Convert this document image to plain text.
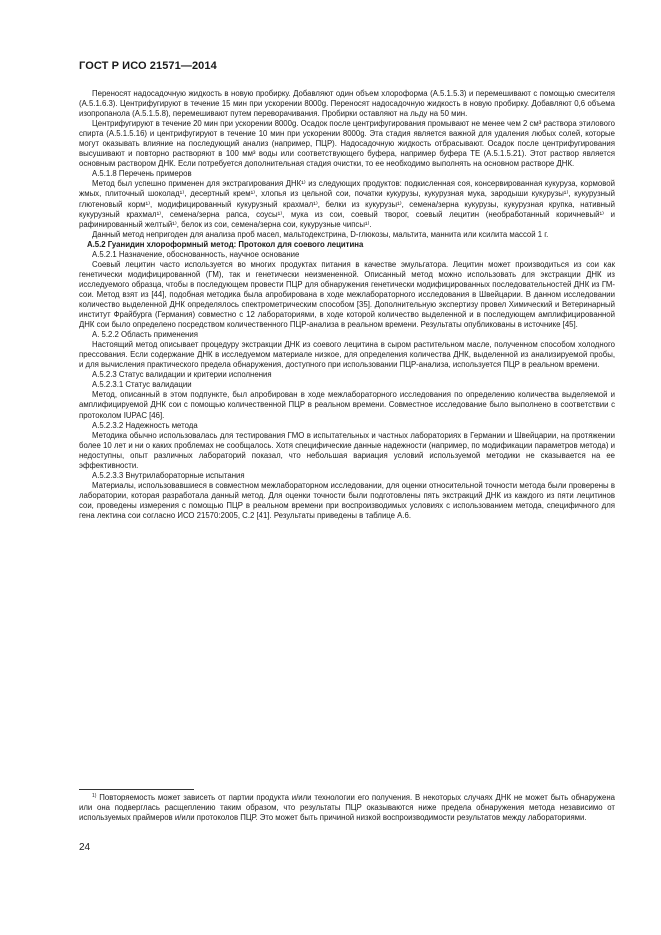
ГОСТ Р ИСО 21571—2014

Переносят надосадочную жидкость в новую пробирку. Добавляют один объем хлороформа (A.5.1.5.3) и перемешивают с помощью смесителя (A.5.1.6.3). Центрифугируют в течение 15 мин при ускорении 8000g. Переносят надосадочную жидкость в новую пробирку. Добавляют 0,6 объема изопропанола (A.5.1.5.8), перемешивают путем переворачивания. Пробирки оставляют на льду на 50 мин.

Центрифугируют в течение 20 мин при ускорении 8000g. Осадок после центрифугирования промывают не менее чем 2 см³ раствора этилового спирта (A.5.1.5.16) и центрифугируют в течение 10 мин при ускорении 8000g. Эта стадия является важной для удаления любых солей, которые могут оказывать влияние на последующий анализ (например, ПЦР). Надосадочную жидкость отбрасывают. Осадок после центрифугирования высушивают и повторно растворяют в 100 мм³ воды или соответствующего буфера, например буфера ТЕ (A.5.1.5.21). Этот раствор является основным раствором ДНК. Если потребуется дополнительная стадия очистки, то ее необходимо выполнять на основном растворе ДНК.

А.5.1.8 Перечень примеров

Метод был успешно применен для экстрагирования ДНК¹⁾ из следующих продуктов: подкисленная соя, консервированная кукуруза, кормовой жмых, плиточный шоколад¹⁾, десертный крем¹⁾, хлопья из цельной сои, початки кукурузы, кукурузная мука, зародыши кукурузы¹⁾, кукурузный глютеновый корм¹⁾, модифицированный кукурузный крахмал¹⁾, белки из кукурузы¹⁾, семена/зерна кукурузы, кукурузная крупка, нативный кукурузный крахмал¹⁾, семена/зерна рапса, соусы¹⁾, мука из сои, соевый творог, соевый лецитин (необработанный коричневый¹⁾ и рафинированный желтый¹⁾, белок из сои, семена/зерна сои, кукурузные чипсы¹⁾.

Данный метод непригоден для анализа проб масел, мальтодекстрина, D-глюкозы, мальтита, маннита или ксилита массой 1 г.

А.5.2 Гуанидин хлороформный метод: Протокол для соевого лецитина

А.5.2.1 Назначение, обоснованность, научное основание

Соевый лецитин часто используется во многих продуктах питания в качестве эмульгатора. Лецитин может производиться из сои как генетически модифицированной (ГМ), так и генетически неизмененной. Описанный метод можно использовать для экстракции ДНК из исследуемого образца, чтобы в последующем провести ПЦР для обнаружения генетически модифицированных последовательностей ДНК из ГМ-сои. Метод взят из [44], подобная методика была апробирована в ходе межлабораторного исследования в Швейцарии. В данном исследовании количество выделенной ДНК определялось спектрометрическим способом [35]. Дополнительную экспертизу провел Химический и Ветеринарный институт Фрайбурга (Германия) совместно с 12 лабораториями, в ходе которой количество выделенной и в последующем амплифицированной ДНК сои было определено посредством количественного ПЦР-анализа в реальном времени. Результаты опубликованы в источнике [45].

А. 5.2.2 Область применения

Настоящий метод описывает процедуру экстракции ДНК из соевого лецитина в сыром растительном масле, полученном способом холодного прессования. Если содержание ДНК в исследуемом материале низкое, для определения количества ДНК, выделенной из анализируемой пробы, и для вычисления практического предела обнаружения, доступного при использовании ПЦР-анализа, используется ПЦР в реальном времени.

А.5.2.3 Статус валидации и критерии исполнения

А.5.2.3.1 Статус валидации

Метод, описанный в этом подпункте, был апробирован в ходе межлабораторного исследования по определению количества выделяемой и амплифицируемой ДНК сои с помощью количественной ПЦР в реальном времени. Совместное исследование было выполнено в соответствии с протоколом IUPAC [46].

А.5.2.3.2 Надежность метода

Методика обычно использовалась для тестирования ГМО в испытательных и частных лабораториях в Германии и Швейцарии, на протяжении более 10 лет и ни о каких проблемах не сообщалось. Хотя специфические данные надежности (например, по модификации параметров метода) и недоступны, опыт различных лабораторий показал, что небольшая вариация условий используемой методики не сказывается на ее эффективности.

А.5.2.3.3 Внутрилабораторные испытания

Материалы, использовавшиеся в совместном межлабораторном исследовании, для оценки относительной точности метода были проверены в лаборатории, которая разработала данный метод. Для оценки точности были подготовлены пять экстракций ДНК из каждого из пяти лецитинов сои, проведены измерения с помощью ПЦР в реальном времени при воспроизводимых условиях с использованием метода, специфичного для гена лектина сои согласно ИСО 21570:2005, С.2 [41]. Результаты приведены в таблице А.6.

$^{1)}$ Повторяемость может зависеть от партии продукта и/или технологии его получения. В некоторых случаях ДНК не может быть обнаружена или она подверглась расщеплению таким образом, что результаты ПЦР оказываются ниже предела обнаружения метода независимо от используемых праймеров и/или протоколов ПЦР. Это может быть причиной низкой воспроизводимости результатов между лабораториями.
24
